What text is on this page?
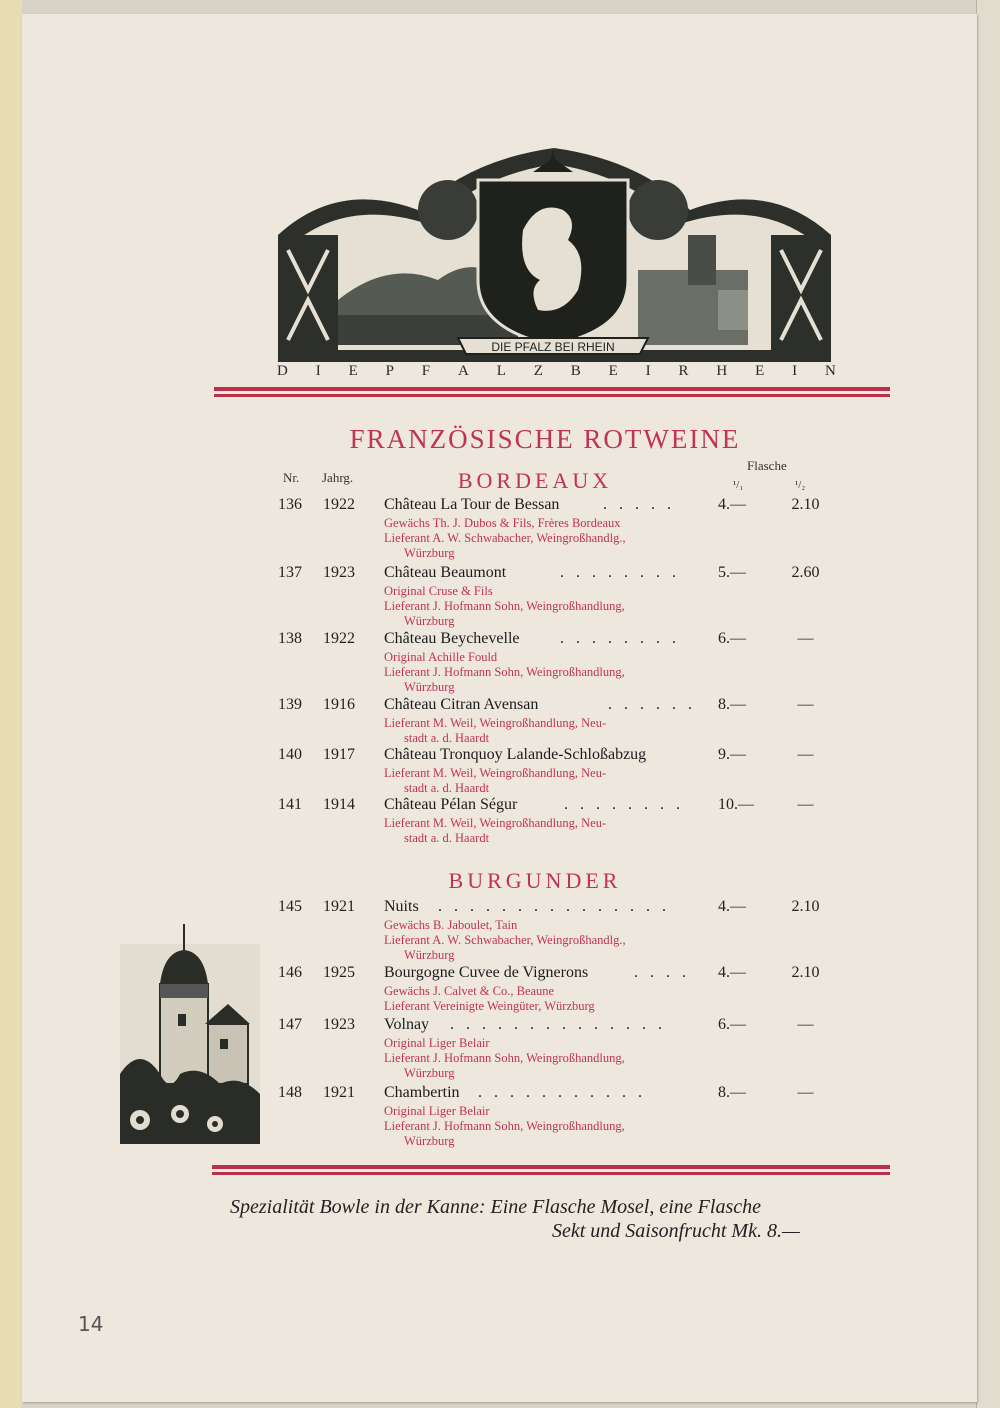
DIE PFALZ BEI RHEIN
D I E P F A L Z B E I R H E I N
FRANZÖSISCHE ROTWEINE
Nr. Jahrg.
Flasche
¹/₁	¹/₂
BORDEAUX
136 1922 Château La Tour de Bessan	. . . . .	4.—	2.10
Gewächs Th. J. Dubos & Fils, Frères Bordeaux
Lieferant A. W. Schwabacher, Weingroßhandlg.,
Würzburg
137 1923 Château Beaumont	. . . . . . . . 5.—	2.60
Original Cruse & Fils
Lieferant J. Hofmann Sohn, Weingroßhandlung,
Würzburg
138 1922 Château Beychevelle	. . . . . . . . 6.—	—
Original Achille Fould
Lieferant J. Hofmann Sohn, Weingroßhandlung,
Würzburg
139 1916 Château Citran Avensan	. . . . . . 8.—	—
Lieferant M. Weil, Weingroßhandlung, Neu-
stadt a. d. Haardt
140 1917 Château Tronquoy Lalande-Schloßabzug	9.—	—
Lieferant M. Weil, Weingroßhandlung, Neu-
stadt a. d. Haardt
141 1914 Château Pélan Ségur	. . . . . . . . 10.—	—
Lieferant M. Weil, Weingroßhandlung, Neu-
stadt a. d. Haardt
BURGUNDER
145 1921 Nuits	. . . . . . . . . . . . . . .	4.—	2.10
Gewächs B. Jaboulet, Tain
Lieferant A. W. Schwabacher, Weingroßhandlg.,
Würzburg
146 1925 Bourgogne Cuvee de Vignerons	. . . . 4.—	2.10
Gewächs J. Calvet & Co., Beaune
Lieferant Vereinigte Weingüter, Würzburg
147 1923 Volnay	. . . . . . . . . . . . . .	6.—	—
Original Liger Belair
Lieferant J. Hofmann Sohn, Weingroßhandlung,
Würzburg
148 1921 Chambertin	. . . . . . . . . . .	8.—	—
Original Liger Belair
Lieferant J. Hofmann Sohn, Weingroßhandlung,
Würzburg
Spezialität Bowle in der Kanne: Eine Flasche Mosel, eine Flasche
Sekt und Saisonfrucht Mk. 8.—
14
